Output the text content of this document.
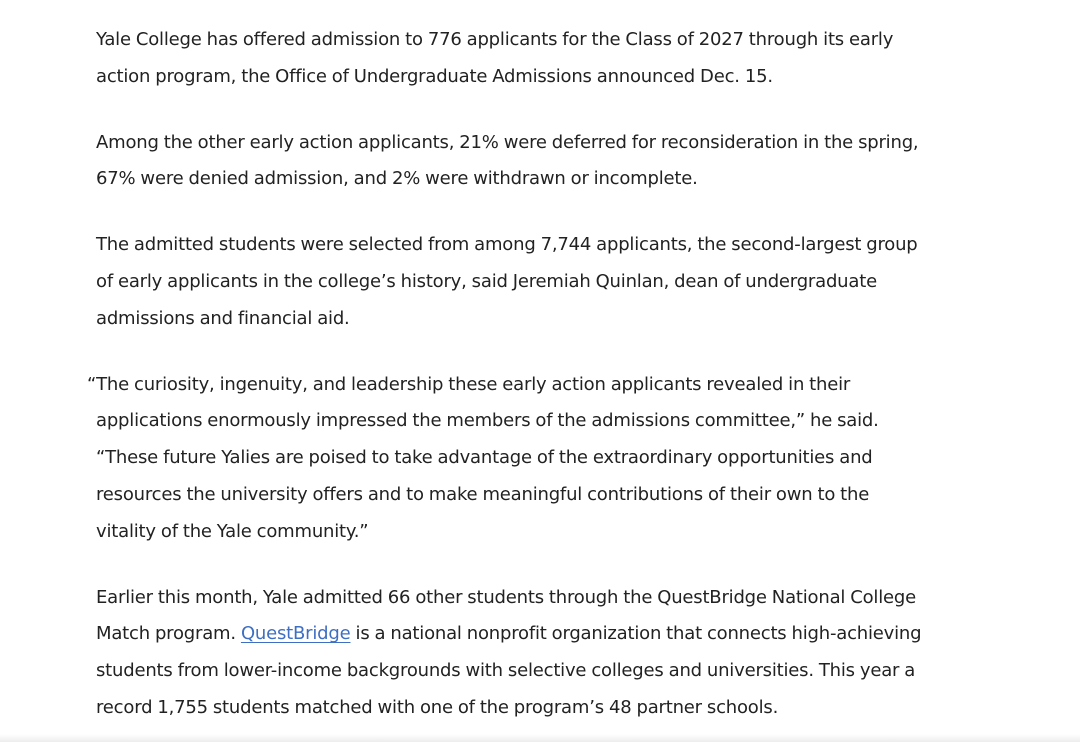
Yale College has offered admission to 776 applicants for the Class of 2027 through its early
action program, the Office of Undergraduate Admissions announced Dec. 15.

Among the other early action applicants, 21% were deferred for reconsideration in the spring,
67% were denied admission, and 2% were withdrawn or incomplete.

The admitted students were selected from among 7,744 applicants, the second-largest group
of early applicants in the college’s history, said Jeremiah Quinlan, dean of undergraduate
admissions and financial aid.

“The curiosity, ingenuity, and leadership these early action applicants revealed in their
applications enormously impressed the members of the admissions committee,” he said.
“These future Yalies are poised to take advantage of the extraordinary opportunities and
resources the university offers and to make meaningful contributions of their own to the
vitality of the Yale community.”

Earlier this month, Yale admitted 66 other students through the QuestBridge National College
Match program. QuestBridge is a national nonprofit organization that connects high-achieving
students from lower-income backgrounds with selective colleges and universities. This year a
record 1,755 students matched with one of the program’s 48 partner schools.
